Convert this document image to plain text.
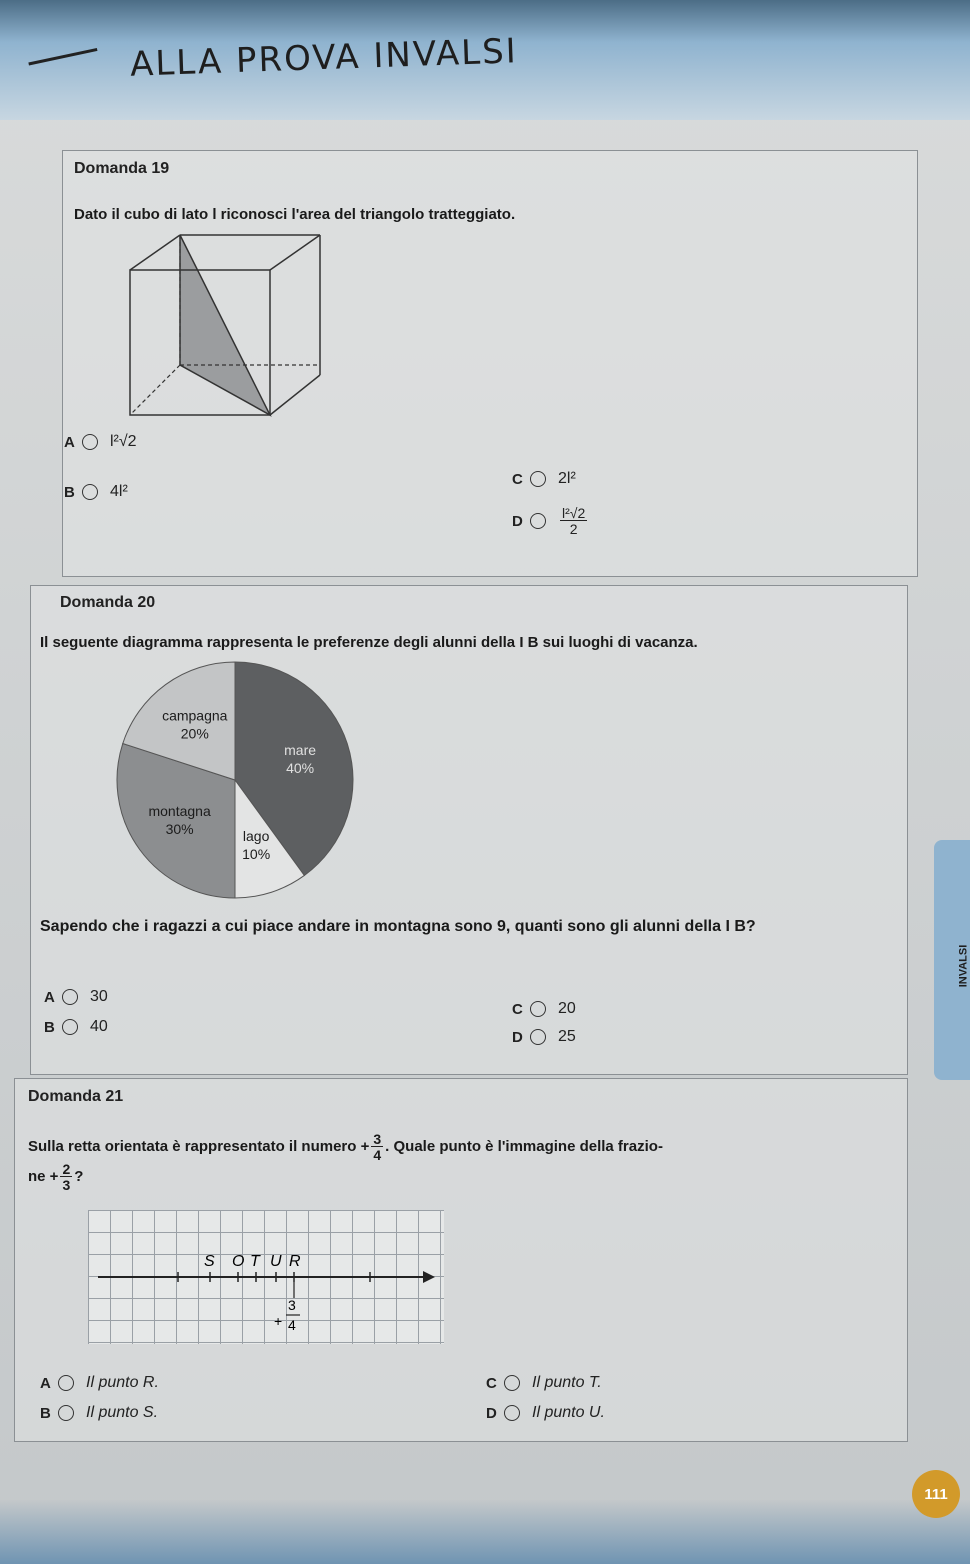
ALLA PROVA INVALSI
INVALSI
Domanda 19
Dato il cubo di lato l riconosci l'area del triangolo tratteggiato.
A	l²√2
B	4l²
C	2l²
D	$\frac{\text{l²√2}}{2}$
Domanda 20
Il seguente diagramma rappresenta le preferenze degli alunni della I B sui luoghi di vacanza.
mare
40%
lago
10%
montagna
30%
campagna
20%
Sapendo che i ragazzi a cui piace andare in montagna sono 9, quanti sono gli alunni della I B?
A	30
B	40
C	20
D	25
Domanda 21
Sulla retta orientata è rappresentato il numero + $\frac{3}{4}$ . Quale punto è l'immagine della frazio-
ne + $\frac{2}{3}$ ?
S O T U R
+
3
4
A	Il punto R.
B	Il punto S.
C	Il punto T.
D	Il punto U.
111
